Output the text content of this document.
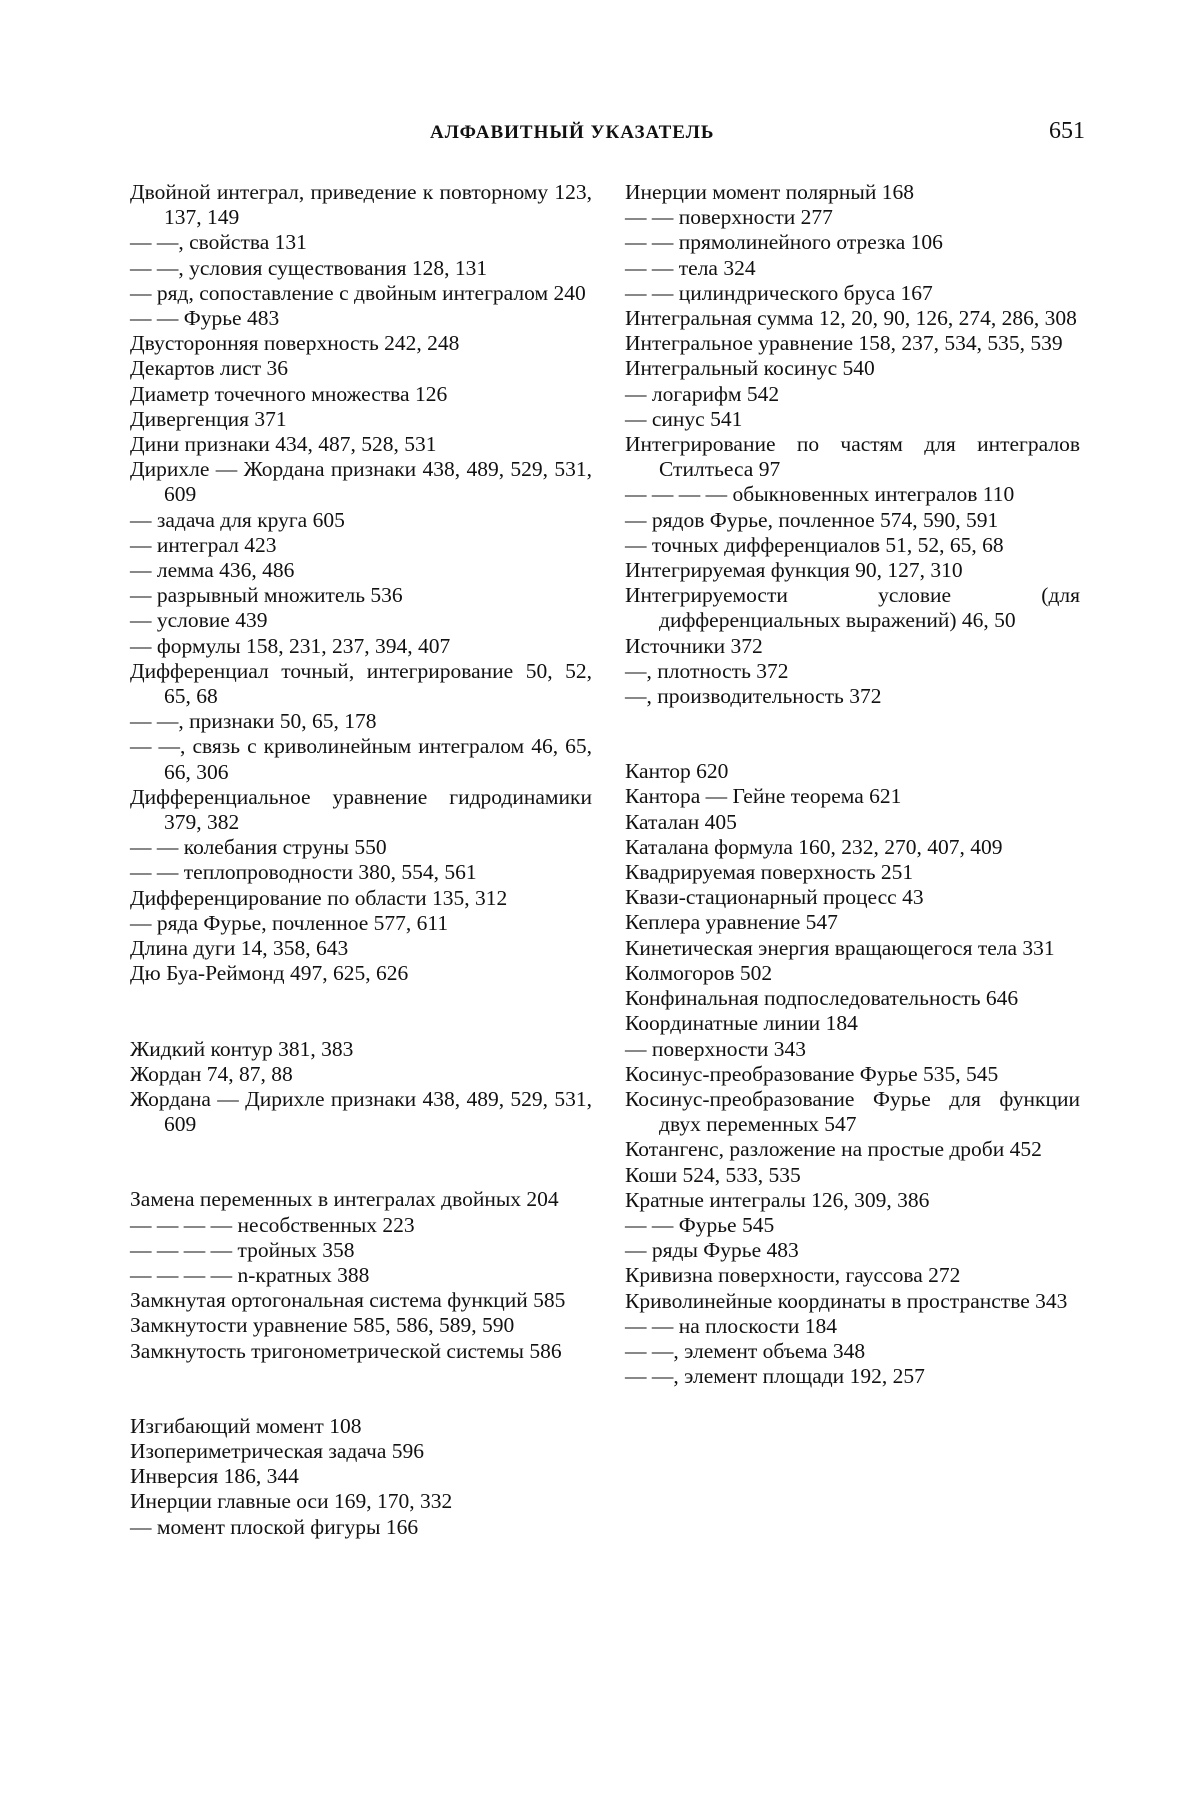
АЛФАВИТНЫЙ УКАЗАТЕЛЬ	651
Двойной интеграл, приведение к повторному 123, 137, 149
— —, свойства 131
— —, условия существования 128, 131
— ряд, сопоставление с двойным интегралом 240
— — Фурье 483
Двусторонняя поверхность 242, 248
Декартов лист 36
Диаметр точечного множества 126
Дивергенция 371
Дини признаки 434, 487, 528, 531
Дирихле — Жордана признаки 438, 489, 529, 531, 609
— задача для круга 605
— интеграл 423
— лемма 436, 486
— разрывный множитель 536
— условие 439
— формулы 158, 231, 237, 394, 407
Дифференциал точный, интегрирование 50, 52, 65, 68
— —, признаки 50, 65, 178
— —, связь с криволинейным интегралом 46, 65, 66, 306
Дифференциальное уравнение гидродинамики 379, 382
— — колебания струны 550
— — теплопроводности 380, 554, 561
Дифференцирование по области 135, 312
— ряда Фурье, почленное 577, 611
Длина дуги 14, 358, 643
Дю Буа-Реймонд 497, 625, 626
Жидкий контур 381, 383
Жордан 74, 87, 88
Жордана — Дирихле признаки 438, 489, 529, 531, 609
Замена переменных в интегралах двойных 204
— — — — несобственных 223
— — — — тройных 358
— — — — n-кратных 388
Замкнутая ортогональная система функций 585
Замкнутости уравнение 585, 586, 589, 590
Замкнутость тригонометрической системы 586
Изгибающий момент 108
Изопериметрическая задача 596
Инверсия 186, 344
Инерции главные оси 169, 170, 332
— момент плоской фигуры 166
Инерции момент полярный 168
— — поверхности 277
— — прямолинейного отрезка 106
— — тела 324
— — цилиндрического бруса 167
Интегральная сумма 12, 20, 90, 126, 274, 286, 308
Интегральное уравнение 158, 237, 534, 535, 539
Интегральный косинус 540
— логарифм 542
— синус 541
Интегрирование по частям для интегралов Стилтьеса 97
— — — — обыкновенных интегралов 110
— рядов Фурье, почленное 574, 590, 591
— точных дифференциалов 51, 52, 65, 68
Интегрируемая функция 90, 127, 310
Интегрируемости условие (для дифференциальных выражений) 46, 50
Источники 372
—, плотность 372
—, производительность 372
Кантор 620
Кантора — Гейне теорема 621
Каталан 405
Каталана формула 160, 232, 270, 407, 409
Квадрируемая поверхность 251
Квази-стационарный процесс 43
Кеплера уравнение 547
Кинетическая энергия вращающегося тела 331
Колмогоров 502
Конфинальная подпоследовательность 646
Координатные линии 184
— поверхности 343
Косинус-преобразование Фурье 535, 545
Косинус-преобразование Фурье для функции двух переменных 547
Котангенс, разложение на простые дроби 452
Коши 524, 533, 535
Кратные интегралы 126, 309, 386
— — Фурье 545
— ряды Фурье 483
Кривизна поверхности, гауссова 272
Криволинейные координаты в пространстве 343
— — на плоскости 184
— —, элемент объема 348
— —, элемент площади 192, 257
